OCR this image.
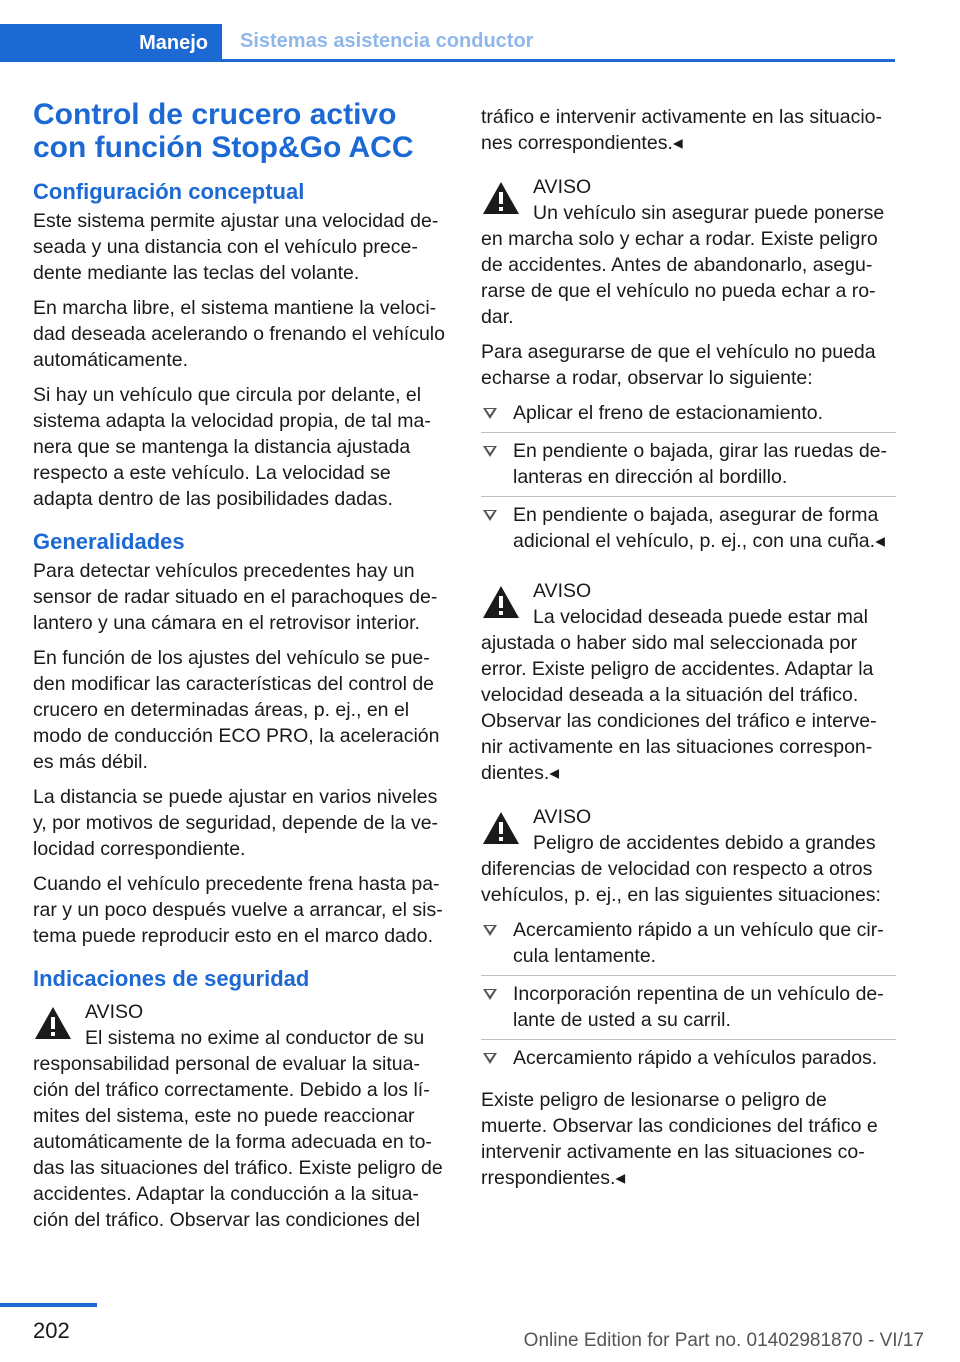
Manejo	Sistemas asistencia conductor
Control de crucero activo con función Stop&Go ACC
Configuración conceptual

Este sistema permite ajustar una velocidad de-seada y una distancia con el vehículo prece-dente mediante las teclas del volante.

En marcha libre, el sistema mantiene la veloci-dad deseada acelerando o frenando el vehículo automáticamente.

Si hay un vehículo que circula por delante, el sistema adapta la velocidad propia, de tal ma-nera que se mantenga la distancia ajustada respecto a este vehículo. La velocidad se adapta dentro de las posibilidades dadas.

Generalidades

Para detectar vehículos precedentes hay un sensor de radar situado en el parachoques de-lantero y una cámara en el retrovisor interior.

En función de los ajustes del vehículo se pue-den modificar las características del control de crucero en determinadas áreas, p. ej., en el modo de conducción ECO PRO, la aceleración es más débil.

La distancia se puede ajustar en varios niveles y, por motivos de seguridad, depende de la ve-locidad correspondiente.

Cuando el vehículo precedente frena hasta pa-rar y un poco después vuelve a arrancar, el sis-tema puede reproducir esto en el marco dado.

Indicaciones de seguridad
AVISO
El sistema no exime al conductor de su responsabilidad personal de evaluar la situa-ción del tráfico correctamente. Debido a los lí-mites del sistema, este no puede reaccionar automáticamente de la forma adecuada en to-das las situaciones del tráfico. Existe peligro de accidentes. Adaptar la conducción a la situa-ción del tráfico. Observar las condiciones del

tráfico e intervenir activamente en las situacio-nes correspondientes.◂

AVISO
Un vehículo sin asegurar puede ponerse en marcha solo y echar a rodar. Existe peligro de accidentes. Antes de abandonarlo, asegu-rarse de que el vehículo no pueda echar a ro-dar.

Para asegurarse de que el vehículo no pueda echarse a rodar, observar lo siguiente:

Aplicar el freno de estacionamiento.
En pendiente o bajada, girar las ruedas de-lanteras en dirección al bordillo.
En pendiente o bajada, asegurar de forma adicional el vehículo, p. ej., con una cuña.◂
AVISO
La velocidad deseada puede estar mal ajustada o haber sido mal seleccionada por error. Existe peligro de accidentes. Adaptar la velocidad deseada a la situación del tráfico. Observar las condiciones del tráfico e interve-nir activamente en las situaciones correspon-dientes.◂
AVISO
Peligro de accidentes debido a grandes diferencias de velocidad con respecto a otros vehículos, p. ej., en las siguientes situaciones:
Acercamiento rápido a un vehículo que cir-cula lentamente.
Incorporación repentina de un vehículo de-lante de usted a su carril.
Acercamiento rápido a vehículos parados.

Existe peligro de lesionarse o peligro de muerte. Observar las condiciones del tráfico e intervenir activamente en las situaciones co-rrespondientes.◂

202	Online Edition for Part no. 01402981870 - VI/17
